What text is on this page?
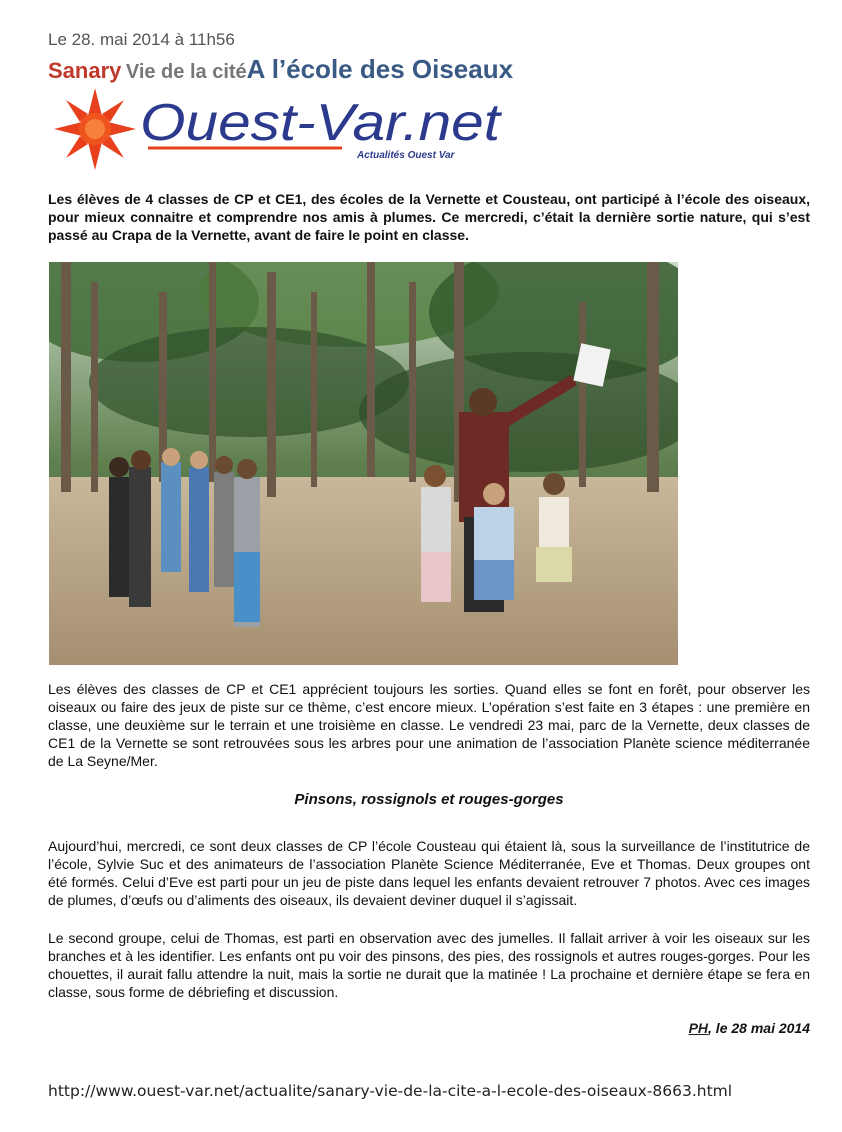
Le 28. mai 2014 à 11h56
Sanary Vie de la citéA l’école des Oiseaux
Ouest-Var.net
Actualités Ouest Var
Les élèves de 4 classes de CP et CE1, des écoles de la Vernette et Cousteau, ont participé à l’école des oiseaux, pour mieux connaitre et comprendre nos amis à plumes. Ce mercredi, c’était la dernière sortie nature, qui s’est passé au Crapa de la Vernette, avant de faire le point en classe.
Les élèves des classes de CP et CE1 apprécient toujours les sorties. Quand elles se font en forêt, pour observer les oiseaux ou faire des jeux de piste sur ce thème, c’est encore mieux. L’opération s’est faite en 3 étapes : une première en classe, une deuxième sur le terrain et une troisième en classe. Le vendredi 23 mai, parc de la Vernette, deux classes de CE1 de la Vernette se sont retrouvées sous les arbres pour une animation de l’association Planète science méditerranée de La Seyne/Mer.
Pinsons, rossignols et rouges-gorges
Aujourd’hui, mercredi, ce sont deux classes de CP l’école Cousteau qui étaient là, sous la surveillance de l’institutrice de l’école, Sylvie Suc et des animateurs de l’association Planète Science Méditerranée, Eve et Thomas. Deux groupes ont été formés. Celui d’Eve est parti pour un jeu de piste dans lequel les enfants devaient retrouver 7 photos. Avec ces images de plumes, d’œufs ou d’aliments des oiseaux, ils devaient deviner duquel il s’agissait.
Le second groupe, celui de Thomas, est parti en observation avec des jumelles. Il fallait arriver à voir les oiseaux sur les branches et à les identifier. Les enfants ont pu voir des pinsons, des pies, des rossignols et autres rouges-gorges. Pour les chouettes, il aurait fallu attendre la nuit, mais la sortie ne durait que la matinée ! La prochaine et dernière étape se fera en classe, sous forme de débriefing et discussion.
PH, le 28 mai 2014
http://www.ouest-var.net/actualite/sanary-vie-de-la-cite-a-l-ecole-des-oiseaux-8663.html
